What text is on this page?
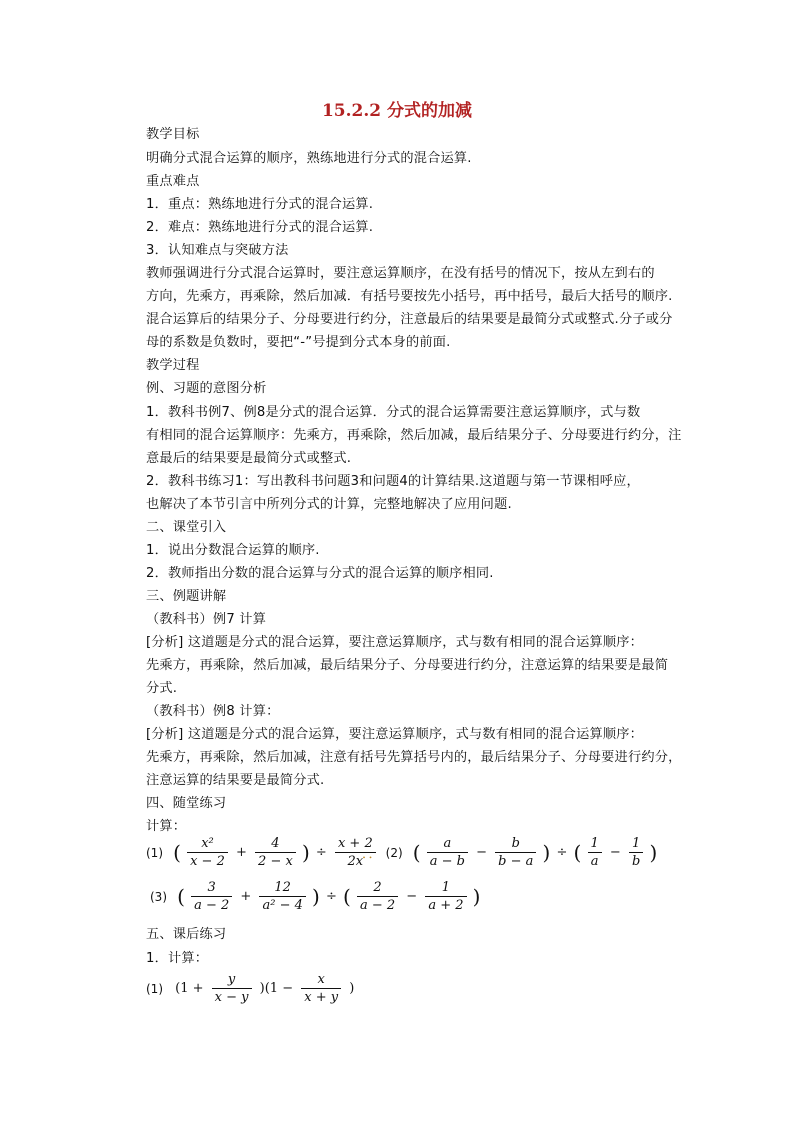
15.2.2 分式的加减
教学目标
明确分式混合运算的顺序，熟练地进行分式的混合运算.
重点难点
1．重点：熟练地进行分式的混合运算.
2．难点：熟练地进行分式的混合运算.
3．认知难点与突破方法
教师强调进行分式混合运算时，要注意运算顺序，在没有括号的情况下，按从左到右的
方向，先乘方，再乘除，然后加减．有括号要按先小括号，再中括号，最后大括号的顺序.
混合运算后的结果分子、分母要进行约分，注意最后的结果要是最简分式或整式.分子或分
母的系数是负数时，要把“-”号提到分式本身的前面.
教学过程
例、习题的意图分析
1．教科书例7、例8是分式的混合运算．分式的混合运算需要注意运算顺序，式与数
有相同的混合运算顺序：先乘方，再乘除，然后加减，最后结果分子、分母要进行约分，注
意最后的结果要是最简分式或整式.
2．教科书练习1：写出教科书问题3和问题4的计算结果.这道题与第一节课相呼应，
也解决了本节引言中所列分式的计算，完整地解决了应用问题.
二、课堂引入
1．说出分数混合运算的顺序.
2．教师指出分数的混合运算与分式的混合运算的顺序相同.
三、例题讲解
（教科书）例7 计算
[分析] 这道题是分式的混合运算，要注意运算顺序，式与数有相同的混合运算顺序：
先乘方，再乘除，然后加减，最后结果分子、分母要进行约分，注意运算的结果要是最简
分式.
（教科书）例8 计算：
[分析] 这道题是分式的混合运算，要注意运算顺序，式与数有相同的混合运算顺序：
先乘方，再乘除，然后加减，注意有括号先算括号内的，最后结果分子、分母要进行约分，
注意运算的结果要是最简分式.
四、随堂练习
计算：
(1) ( $\frac{\text{x²}}{x - 2} + \frac{4}{2 - x}$ ) ÷ $\frac{x + 2}{2x}$
．． (2) ( $\frac{a}{a - b} - \frac{b}{b - a}$ ) ÷ ( $\frac{1}{a} - \frac{1}{b}$ )
(3) ( $\frac{3}{a - 2} + \frac{12}{\text{a² − 4}}$ ) ÷ ( $\frac{2}{a - 2} - \frac{1}{a + 2}$ )
五、课后练习
1．计算：
(1) $(1 + \frac{y}{x - y} )(1 - \frac{x}{x + y}$ )
